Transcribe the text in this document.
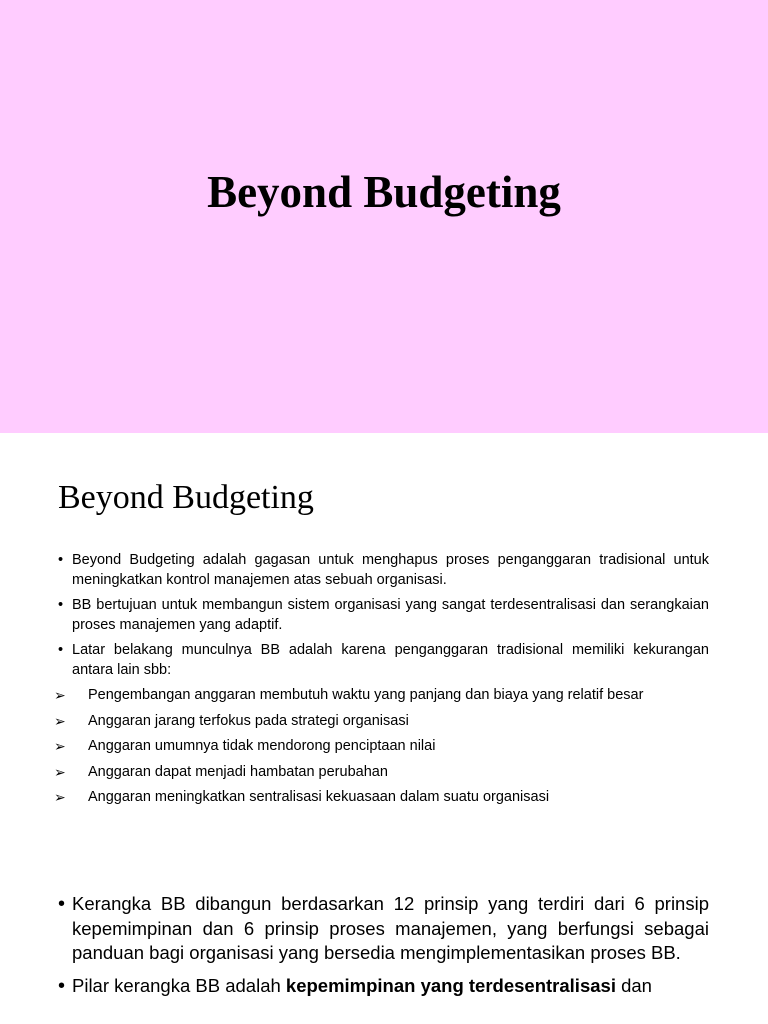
Beyond Budgeting
Beyond Budgeting
• Beyond Budgeting adalah gagasan untuk menghapus proses penganggaran tradisional untuk meningkatkan kontrol manajemen atas sebuah organisasi.
• BB bertujuan untuk membangun sistem organisasi yang sangat terdesentralisasi dan serangkaian proses manajemen yang adaptif.
• Latar belakang munculnya BB adalah karena penganggaran tradisional memiliki kekurangan antara lain sbb:
➢ Pengembangan anggaran membutuh waktu yang panjang dan biaya yang relatif besar
➢ Anggaran jarang terfokus pada strategi organisasi
➢ Anggaran umumnya tidak mendorong penciptaan nilai
➢ Anggaran dapat menjadi hambatan perubahan
➢ Anggaran meningkatkan sentralisasi kekuasaan dalam suatu organisasi
• Kerangka BB dibangun berdasarkan 12 prinsip yang terdiri dari 6 prinsip kepemimpinan dan 6 prinsip proses manajemen, yang berfungsi sebagai panduan bagi organisasi yang bersedia mengimplementasikan proses BB.
• Pilar kerangka BB adalah kepemimpinan yang terdesentralisasi dan
